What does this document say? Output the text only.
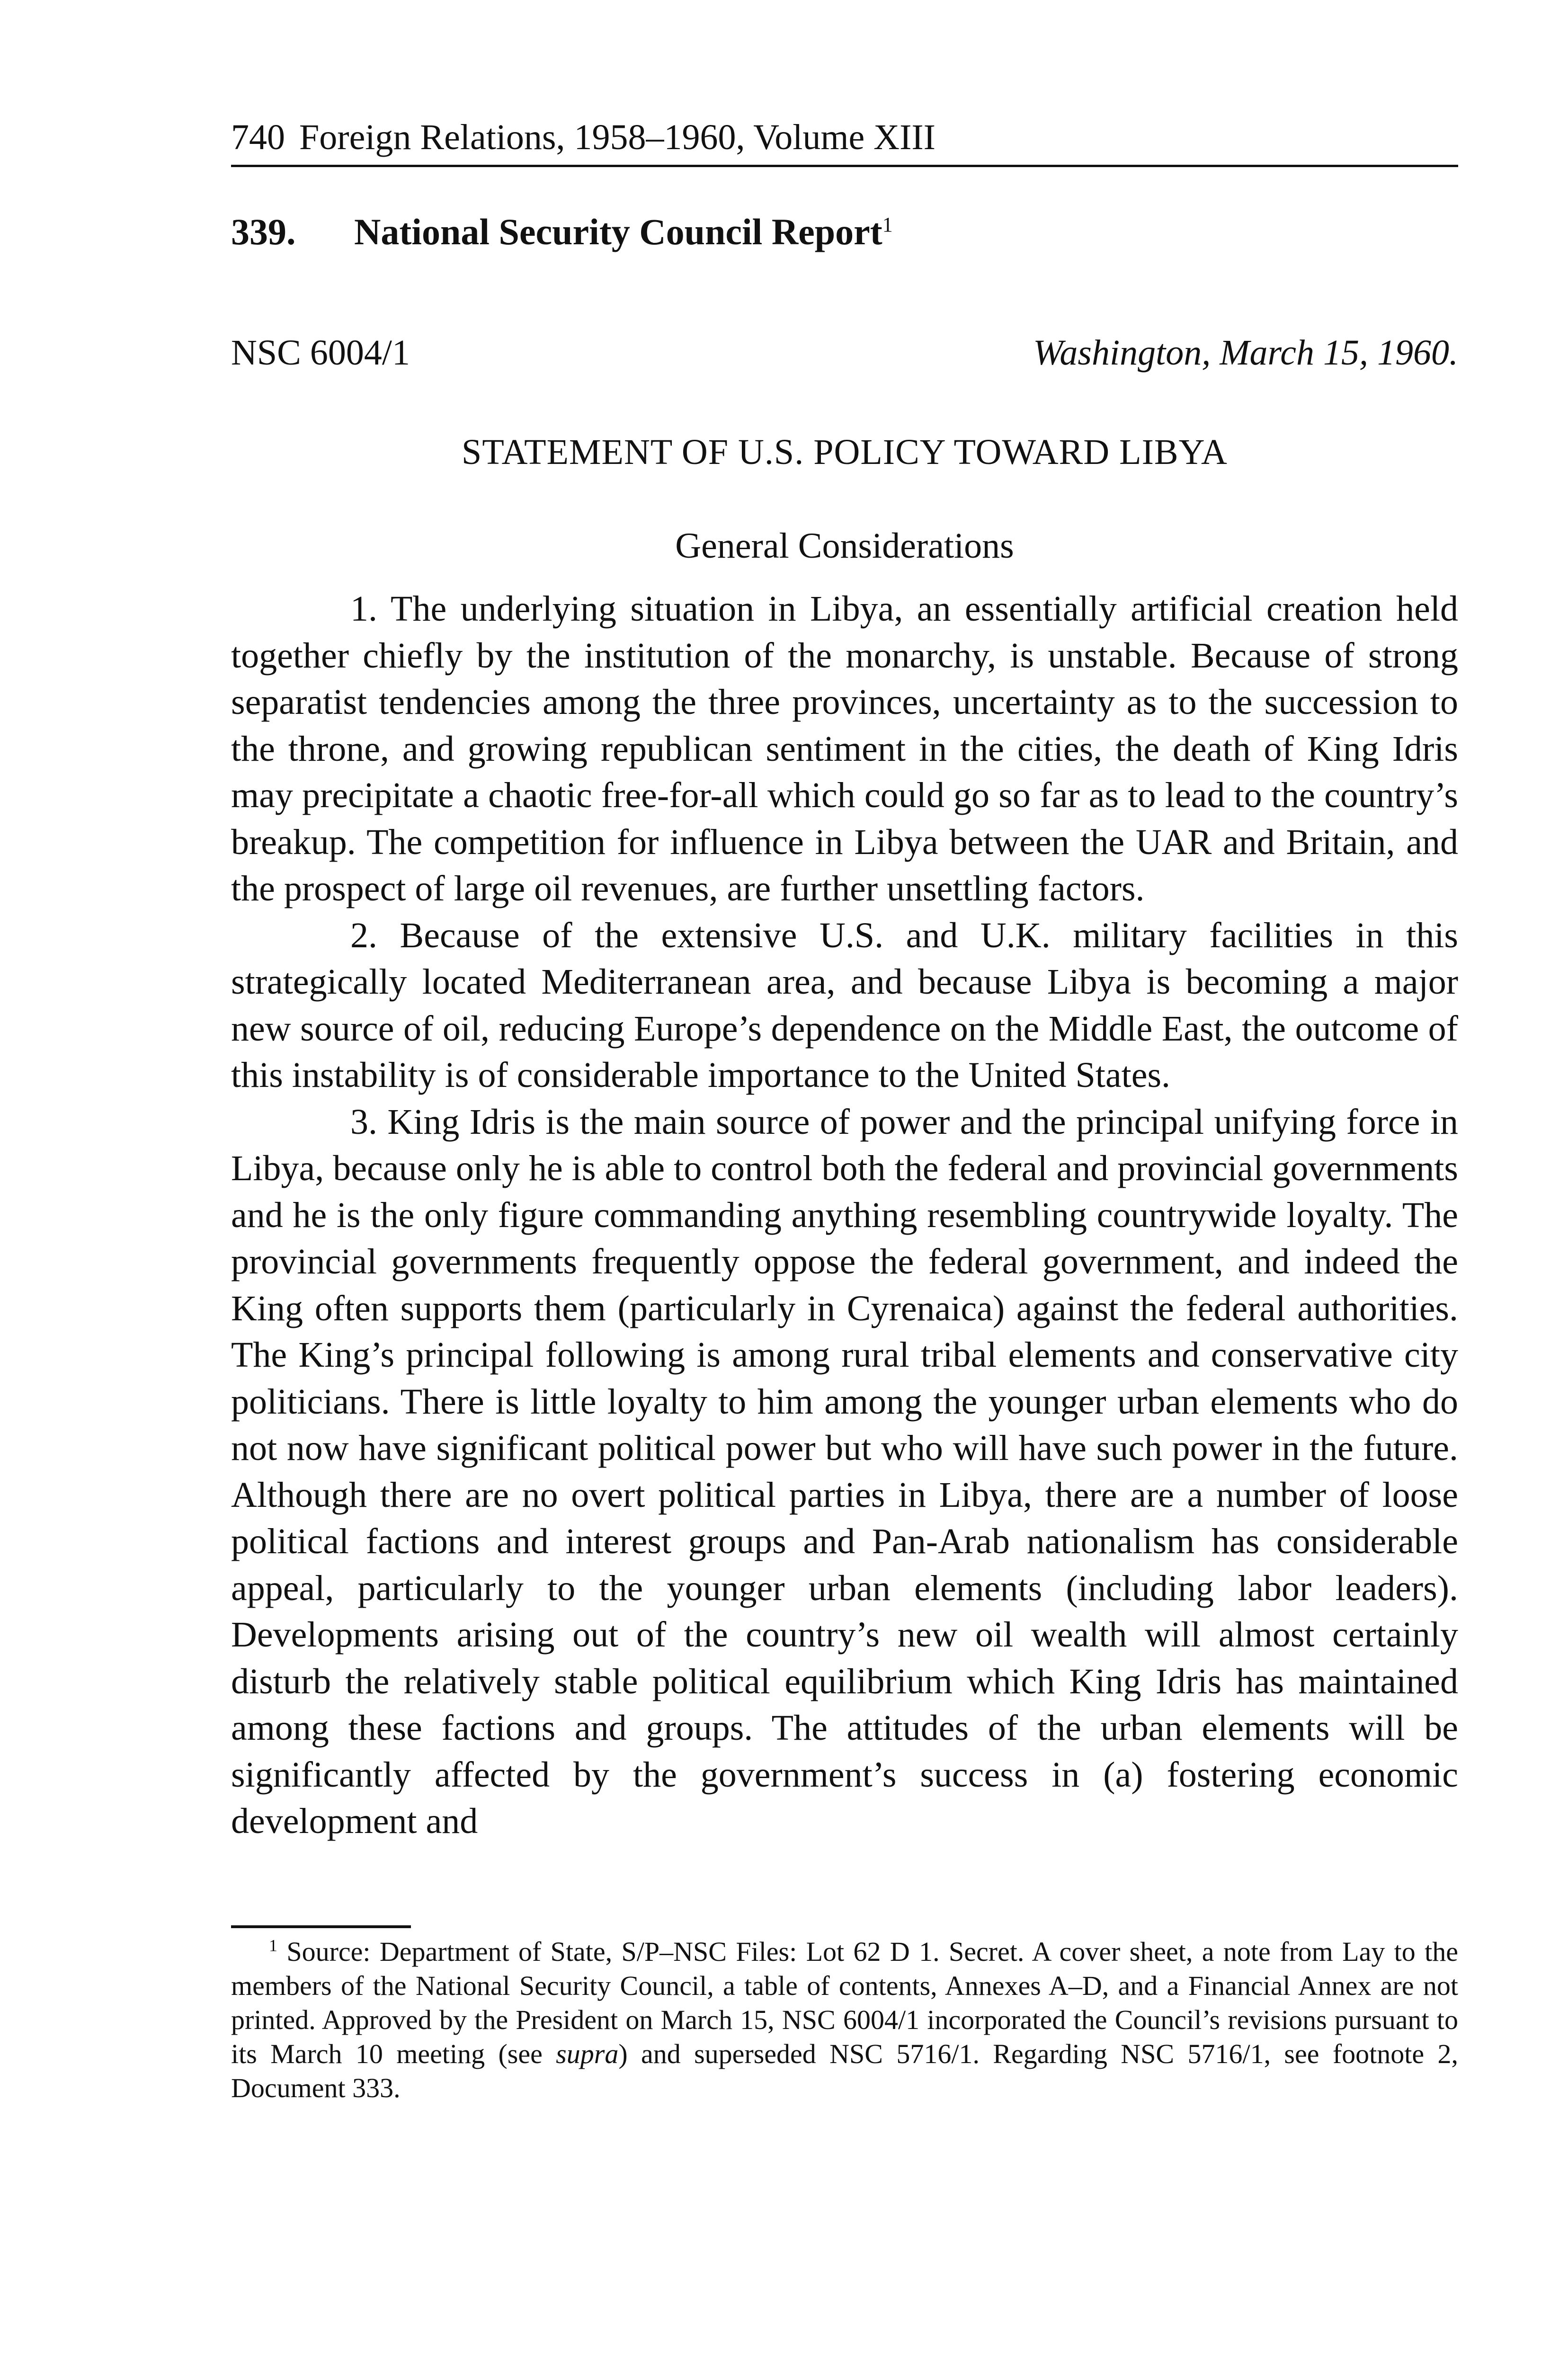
740 Foreign Relations, 1958–1960, Volume XIII
339.	National Security Council Report$^1$
NSC 6004/1	Washington, March 15, 1960.
STATEMENT OF U.S. POLICY TOWARD LIBYA
General Considerations

1. The underlying situation in Libya, an essentially artificial creation held together chiefly by the institution of the monarchy, is unstable. Because of strong separatist tendencies among the three provinces, uncertainty as to the succession to the throne, and growing republican sentiment in the cities, the death of King Idris may precipitate a chaotic free-for-all which could go so far as to lead to the country’s breakup. The competition for influence in Libya between the UAR and Britain, and the prospect of large oil revenues, are further unsettling factors.

2. Because of the extensive U.S. and U.K. military facilities in this strategically located Mediterranean area, and because Libya is becoming a major new source of oil, reducing Europe’s dependence on the Middle East, the outcome of this instability is of considerable importance to the United States.

3. King Idris is the main source of power and the principal unifying force in Libya, because only he is able to control both the federal and provincial governments and he is the only figure commanding anything resembling countrywide loyalty. The provincial governments frequently oppose the federal government, and indeed the King often supports them (particularly in Cyrenaica) against the federal authorities. The King’s principal following is among rural tribal elements and conservative city politicians. There is little loyalty to him among the younger urban elements who do not now have significant political power but who will have such power in the future. Although there are no overt political parties in Libya, there are a number of loose political factions and interest groups and Pan-Arab nationalism has considerable appeal, particularly to the younger urban elements (including labor leaders). Developments arising out of the country’s new oil wealth will almost certainly disturb the relatively stable political equilibrium which King Idris has maintained among these factions and groups. The attitudes of the urban elements will be significantly affected by the government’s success in (a) fostering economic development and

$^1$ Source: Department of State, S/P–NSC Files: Lot 62 D 1. Secret. A cover sheet, a note from Lay to the members of the National Security Council, a table of contents, Annexes A–D, and a Financial Annex are not printed. Approved by the President on March 15, NSC 6004/1 incorporated the Council’s revisions pursuant to its March 10 meeting (see supra) and superseded NSC 5716/1. Regarding NSC 5716/1, see footnote 2, Document 333.
